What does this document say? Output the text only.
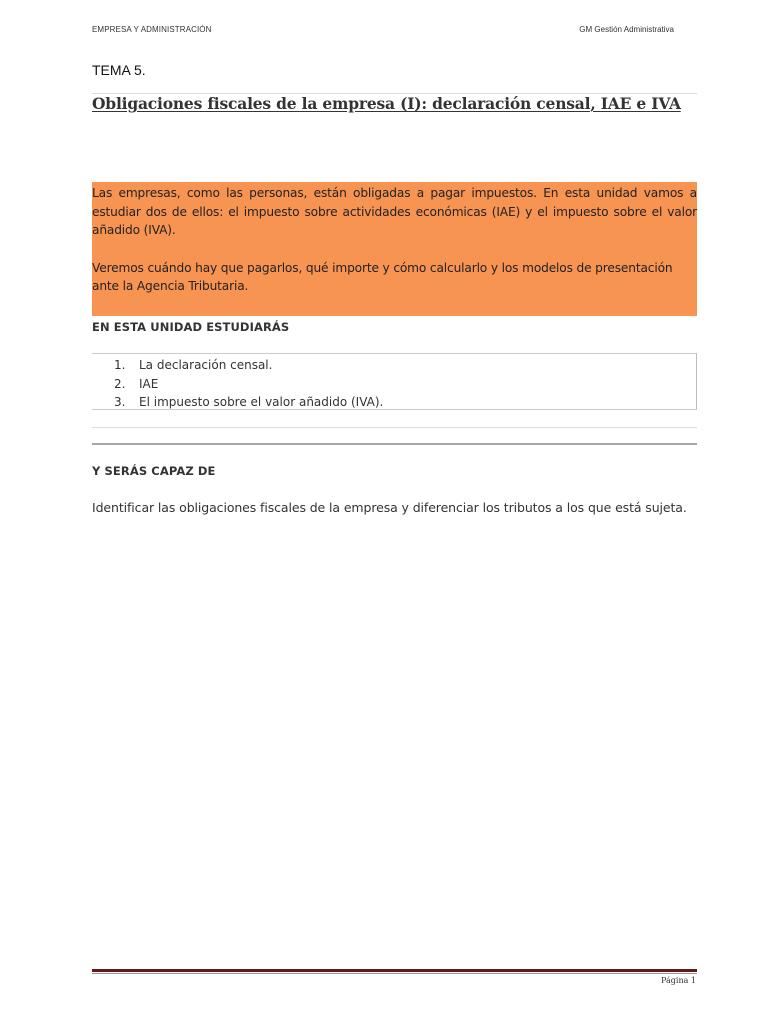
EMPRESA Y ADMINISTRACIÓN	GM Gestión Administrativa
TEMA 5.
Obligaciones fiscales de la empresa (I): declaración censal, IAE e IVA

Las empresas, como las personas, están obligadas a pagar impuestos. En esta unidad vamos a estudiar dos de ellos: el impuesto sobre actividades económicas (IAE) y el impuesto sobre el valor añadido (IVA).

Veremos cuándo hay que pagarlos, qué importe y cómo calcularlo y los modelos de presentación ante la Agencia Tributaria.

EN ESTA UNIDAD ESTUDIARÁS
1. La declaración censal.
2. IAE
3. El impuesto sobre el valor añadido (IVA).
Y SERÁS CAPAZ DE
Identificar las obligaciones fiscales de la empresa y diferenciar los tributos a los que está sujeta.
Página 1
